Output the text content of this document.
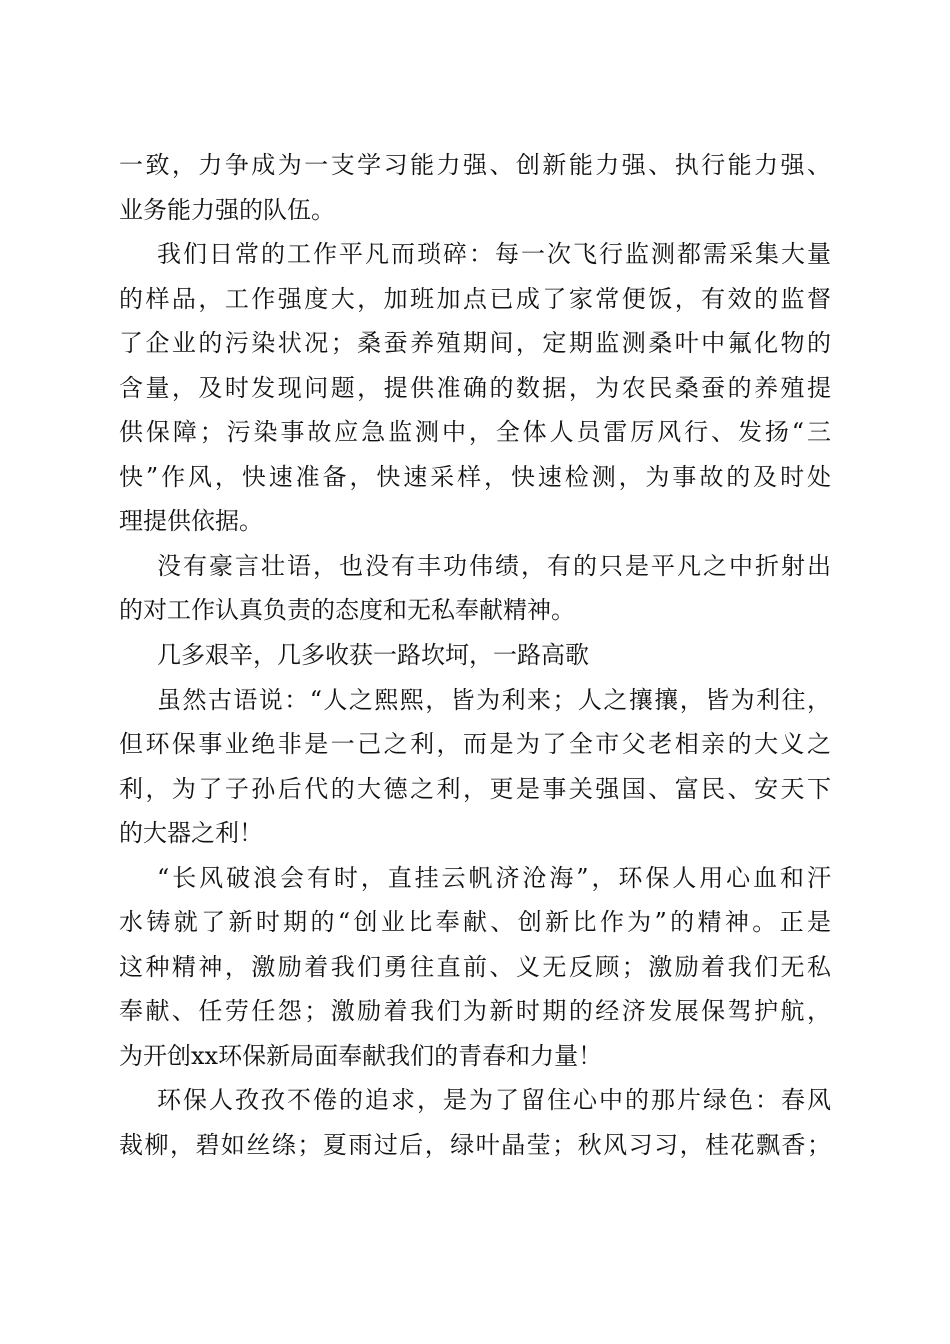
一致，力争成为一支学习能力强、创新能力强、执行能力强、
业务能力强的队伍。
我们日常的工作平凡而琐碎：每一次飞行监测都需采集大量
的样品，工作强度大，加班加点已成了家常便饭，有效的监督
了企业的污染状况；桑蚕养殖期间，定期监测桑叶中氟化物的
含量，及时发现问题，提供准确的数据，为农民桑蚕的养殖提
供保障；污染事故应急监测中，全体人员雷厉风行、发扬“三
快”作风，快速准备，快速采样，快速检测，为事故的及时处
理提供依据。
没有豪言壮语，也没有丰功伟绩，有的只是平凡之中折射出
的对工作认真负责的态度和无私奉献精神。
几多艰辛，几多收获一路坎坷，一路高歌
虽然古语说：“人之熙熙，皆为利来；人之攘攘，皆为利往，
但环保事业绝非是一己之利，而是为了全市父老相亲的大义之
利，为了子孙后代的大德之利，更是事关强国、富民、安天下
的大器之利！
“长风破浪会有时，直挂云帆济沧海”，环保人用心血和汗
水铸就了新时期的“创业比奉献、创新比作为”的精神。正是
这种精神，激励着我们勇往直前、义无反顾；激励着我们无私
奉献、任劳任怨；激励着我们为新时期的经济发展保驾护航，
为开创xx环保新局面奉献我们的青春和力量！
环保人孜孜不倦的追求，是为了留住心中的那片绿色：春风
裁柳，碧如丝绦；夏雨过后，绿叶晶莹；秋风习习，桂花飘香；
